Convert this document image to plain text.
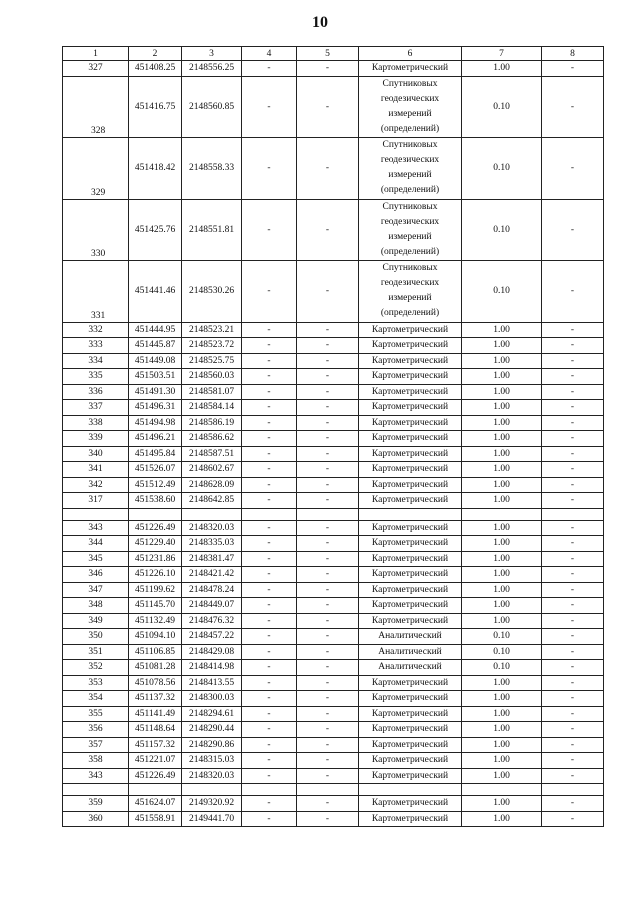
10
1	2	3	4	5	6	7	8
327	451408.25	2148556.25	-	-	Картометрический	1.00	-
328	451416.75	2148560.85	-	-	Спутниковых геодезических измерений (определений)	0.10	-
329	451418.42	2148558.33	-	-	Спутниковых геодезических измерений (определений)	0.10	-
330	451425.76	2148551.81	-	-	Спутниковых геодезических измерений (определений)	0.10	-
331	451441.46	2148530.26	-	-	Спутниковых геодезических измерений (определений)	0.10	-
332	451444.95	2148523.21	-	-	Картометрический	1.00	-
333	451445.87	2148523.72	-	-	Картометрический	1.00	-
334	451449.08	2148525.75	-	-	Картометрический	1.00	-
335	451503.51	2148560.03	-	-	Картометрический	1.00	-
336	451491.30	2148581.07	-	-	Картометрический	1.00	-
337	451496.31	2148584.14	-	-	Картометрический	1.00	-
338	451494.98	2148586.19	-	-	Картометрический	1.00	-
339	451496.21	2148586.62	-	-	Картометрический	1.00	-
340	451495.84	2148587.51	-	-	Картометрический	1.00	-
341	451526.07	2148602.67	-	-	Картометрический	1.00	-
342	451512.49	2148628.09	-	-	Картометрический	1.00	-
317	451538.60	2148642.85	-	-	Картометрический	1.00	-

343	451226.49	2148320.03	-	-	Картометрический	1.00	-
344	451229.40	2148335.03	-	-	Картометрический	1.00	-
345	451231.86	2148381.47	-	-	Картометрический	1.00	-
346	451226.10	2148421.42	-	-	Картометрический	1.00	-
347	451199.62	2148478.24	-	-	Картометрический	1.00	-
348	451145.70	2148449.07	-	-	Картометрический	1.00	-
349	451132.49	2148476.32	-	-	Картометрический	1.00	-
350	451094.10	2148457.22	-	-	Аналитический	0.10	-
351	451106.85	2148429.08	-	-	Аналитический	0.10	-
352	451081.28	2148414.98	-	-	Аналитический	0.10	-
353	451078.56	2148413.55	-	-	Картометрический	1.00	-
354	451137.32	2148300.03	-	-	Картометрический	1.00	-
355	451141.49	2148294.61	-	-	Картометрический	1.00	-
356	451148.64	2148290.44	-	-	Картометрический	1.00	-
357	451157.32	2148290.86	-	-	Картометрический	1.00	-
358	451221.07	2148315.03	-	-	Картометрический	1.00	-
343	451226.49	2148320.03	-	-	Картометрический	1.00	-

359	451624.07	2149320.92	-	-	Картометрический	1.00	-
360	451558.91	2149441.70	-	-	Картометрический	1.00	-
